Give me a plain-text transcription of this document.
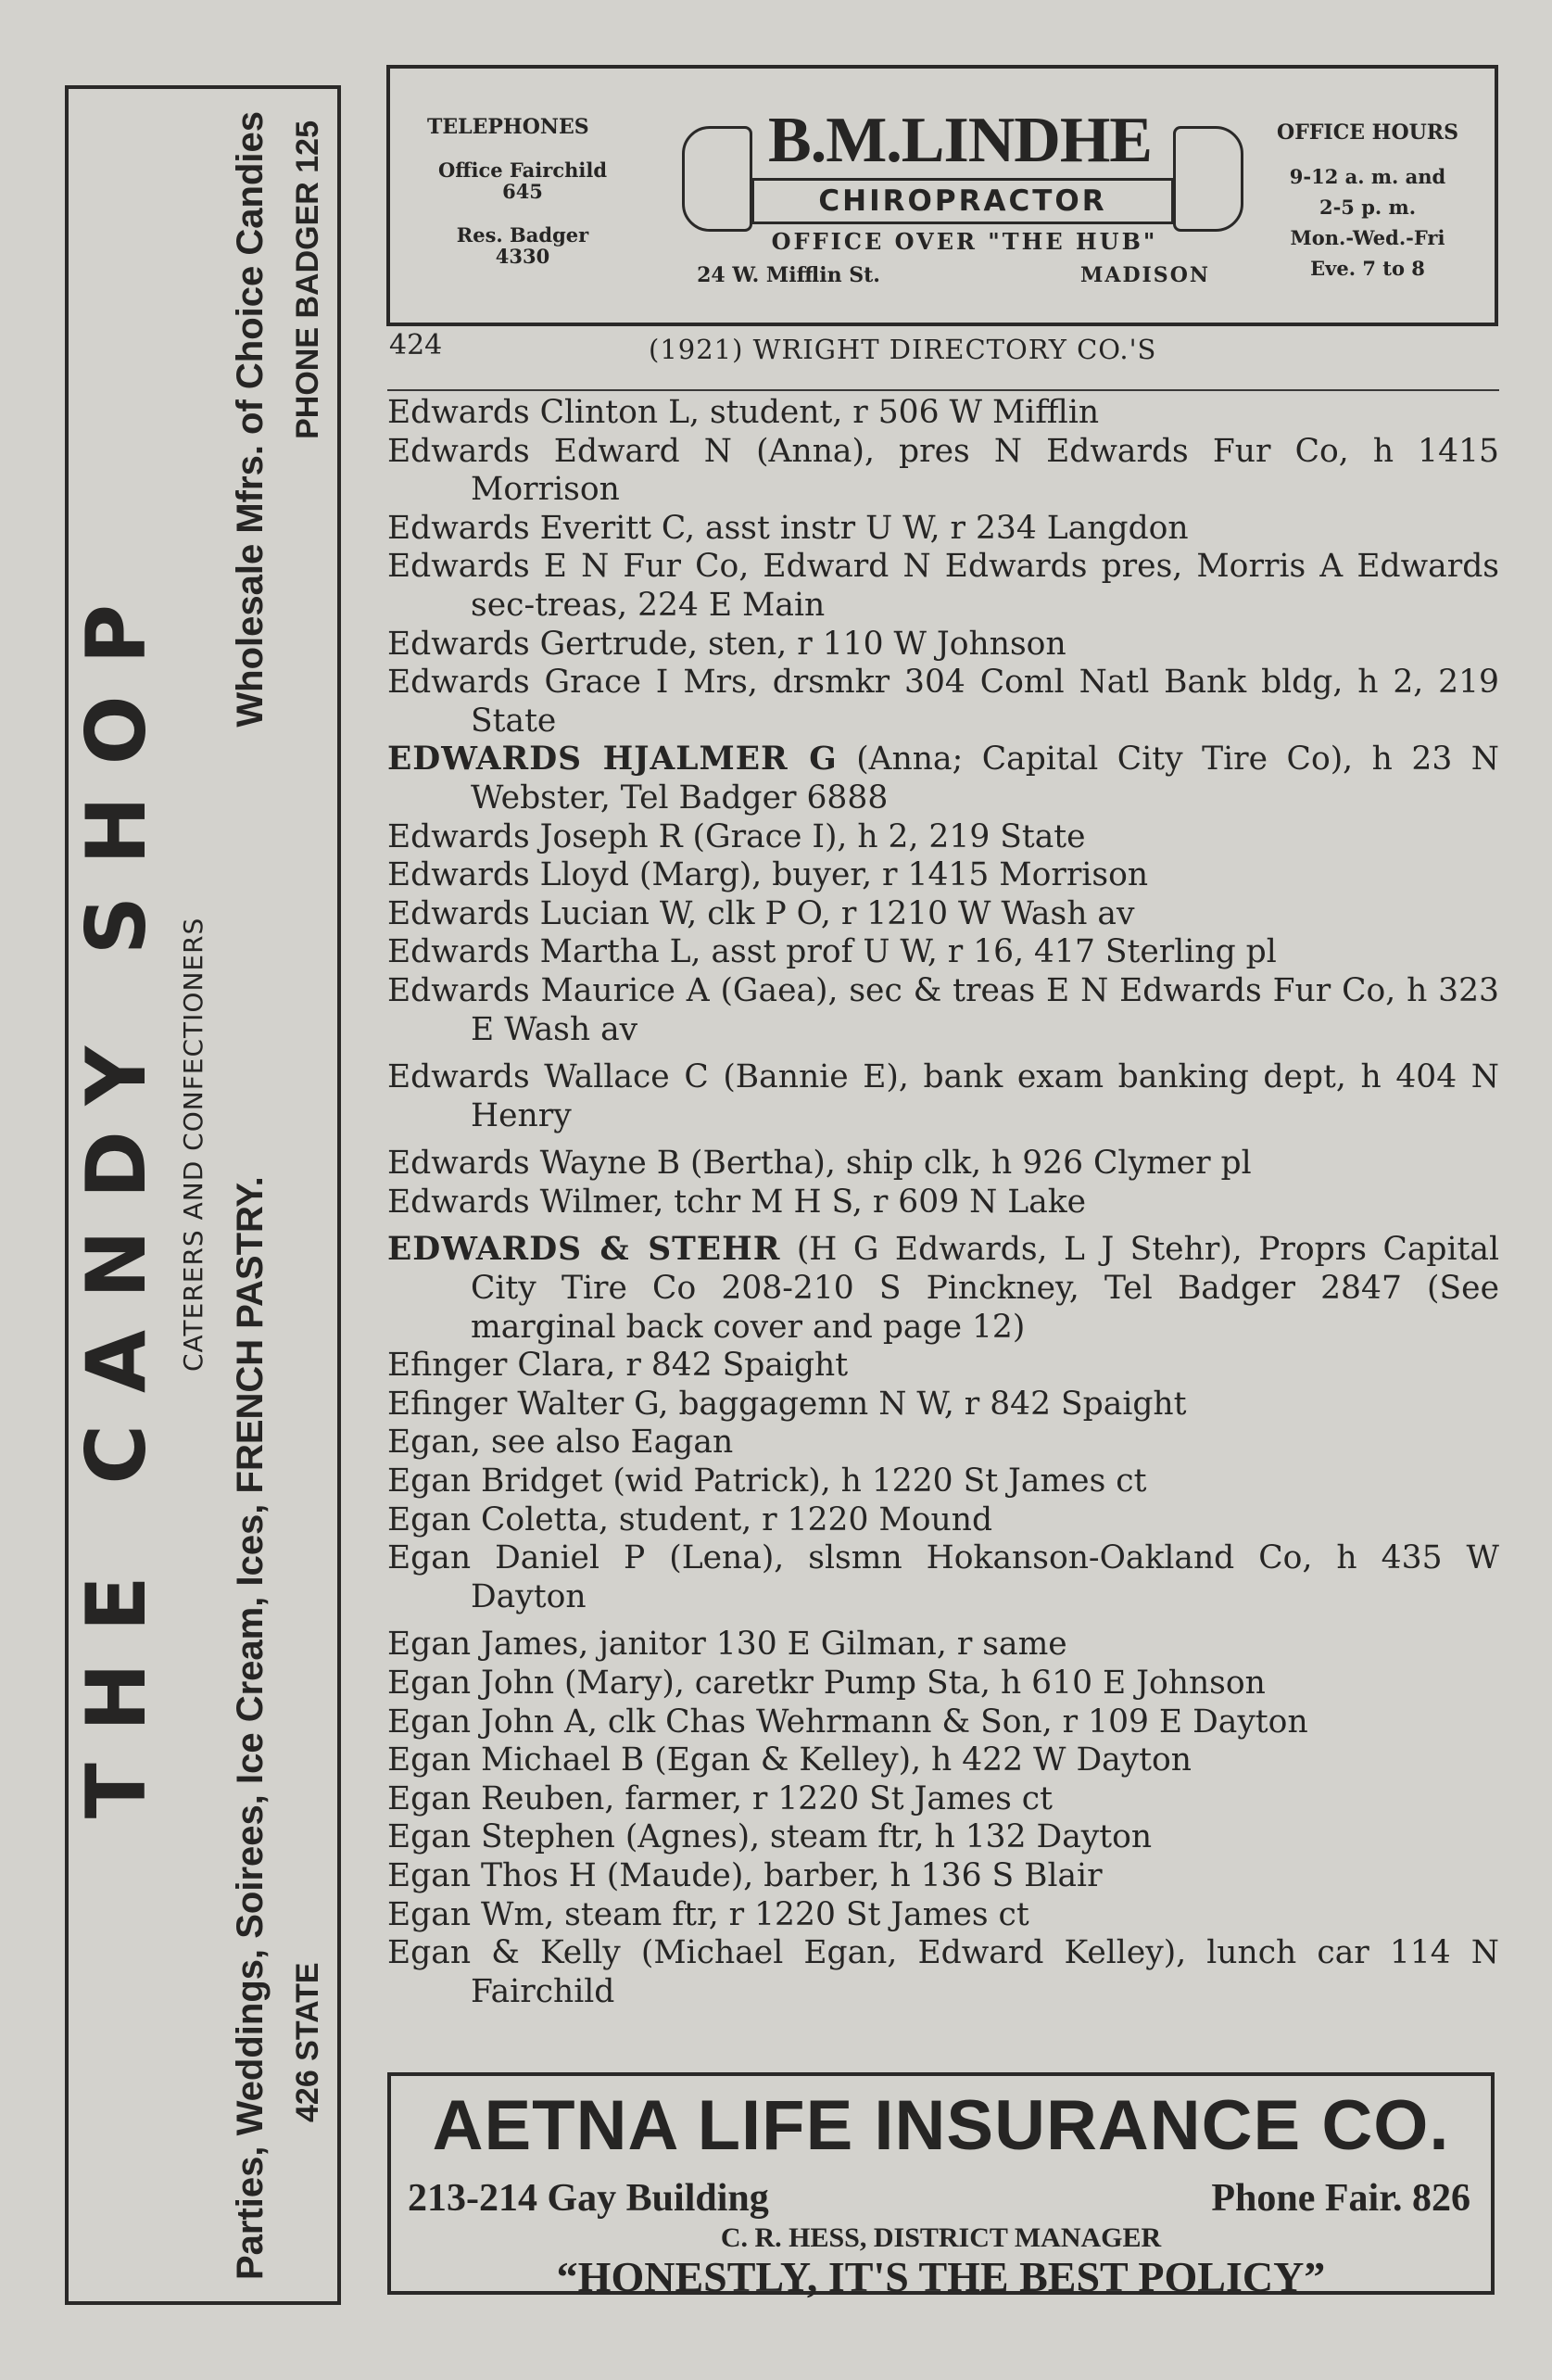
THE CANDY SHOP CATERERS AND CONFECTIONERS
Parties, Weddings, Soirees, Ice Cream, Ices, FRENCH PASTRY.
Wholesale Mfrs. of Choice Candies
426 STATE
PHONE BADGER 125	TELEPHONES
Office Fairchild
645
Res. Badger
4330
B.M.LINDHE
CHIROPRACTOR
OFFICE OVER "THE HUB"
24 W. Mifflin St.	MADISON
OFFICE HOURS
9-12 a. m. and
2-5 p. m.
Mon.-Wed.-Fri
Eve. 7 to 8
424	(1921) WRIGHT DIRECTORY CO.'S
Edwards Clinton L, student, r 506 W Mifflin
Edwards Edward N (Anna), pres N Edwards Fur Co, h 1415 Morrison
Edwards Everitt C, asst instr U W, r 234 Langdon
Edwards E N Fur Co, Edward N Edwards pres, Morris A Edwards sec-treas, 224 E Main
Edwards Gertrude, sten, r 110 W Johnson
Edwards Grace I Mrs, drsmkr 304 Coml Natl Bank bldg, h 2, 219 State
EDWARDS HJALMER G (Anna; Capital City Tire Co), h 23 N Webster, Tel Badger 6888
Edwards Joseph R (Grace I), h 2, 219 State
Edwards Lloyd (Marg), buyer, r 1415 Morrison
Edwards Lucian W, clk P O, r 1210 W Wash av
Edwards Martha L, asst prof U W, r 16, 417 Sterling pl
Edwards Maurice A (Gaea), sec & treas E N Edwards Fur Co, h 323 E Wash av
Edwards Wallace C (Bannie E), bank exam banking dept, h 404 N Henry
Edwards Wayne B (Bertha), ship clk, h 926 Clymer pl
Edwards Wilmer, tchr M H S, r 609 N Lake
EDWARDS & STEHR (H G Edwards, L J Stehr), Proprs Capital City Tire Co 208-210 S Pinckney, Tel Badger 2847 (See marginal back cover and page 12)
Efinger Clara, r 842 Spaight
Efinger Walter G, baggagemn N W, r 842 Spaight
Egan, see also Eagan
Egan Bridget (wid Patrick), h 1220 St James ct
Egan Coletta, student, r 1220 Mound
Egan Daniel P (Lena), slsmn Hokanson-Oakland Co, h 435 W Dayton
Egan James, janitor 130 E Gilman, r same
Egan John (Mary), caretkr Pump Sta, h 610 E Johnson
Egan John A, clk Chas Wehrmann & Son, r 109 E Dayton
Egan Michael B (Egan & Kelley), h 422 W Dayton
Egan Reuben, farmer, r 1220 St James ct
Egan Stephen (Agnes), steam ftr, h 132 Dayton
Egan Thos H (Maude), barber, h 136 S Blair
Egan Wm, steam ftr, r 1220 St James ct
Egan & Kelly (Michael Egan, Edward Kelley), lunch car 114 N Fairchild
AETNA LIFE INSURANCE CO.
213-214 Gay Building	Phone Fair. 826
C. R. HESS, DISTRICT MANAGER
“HONESTLY, IT'S THE BEST POLICY”
